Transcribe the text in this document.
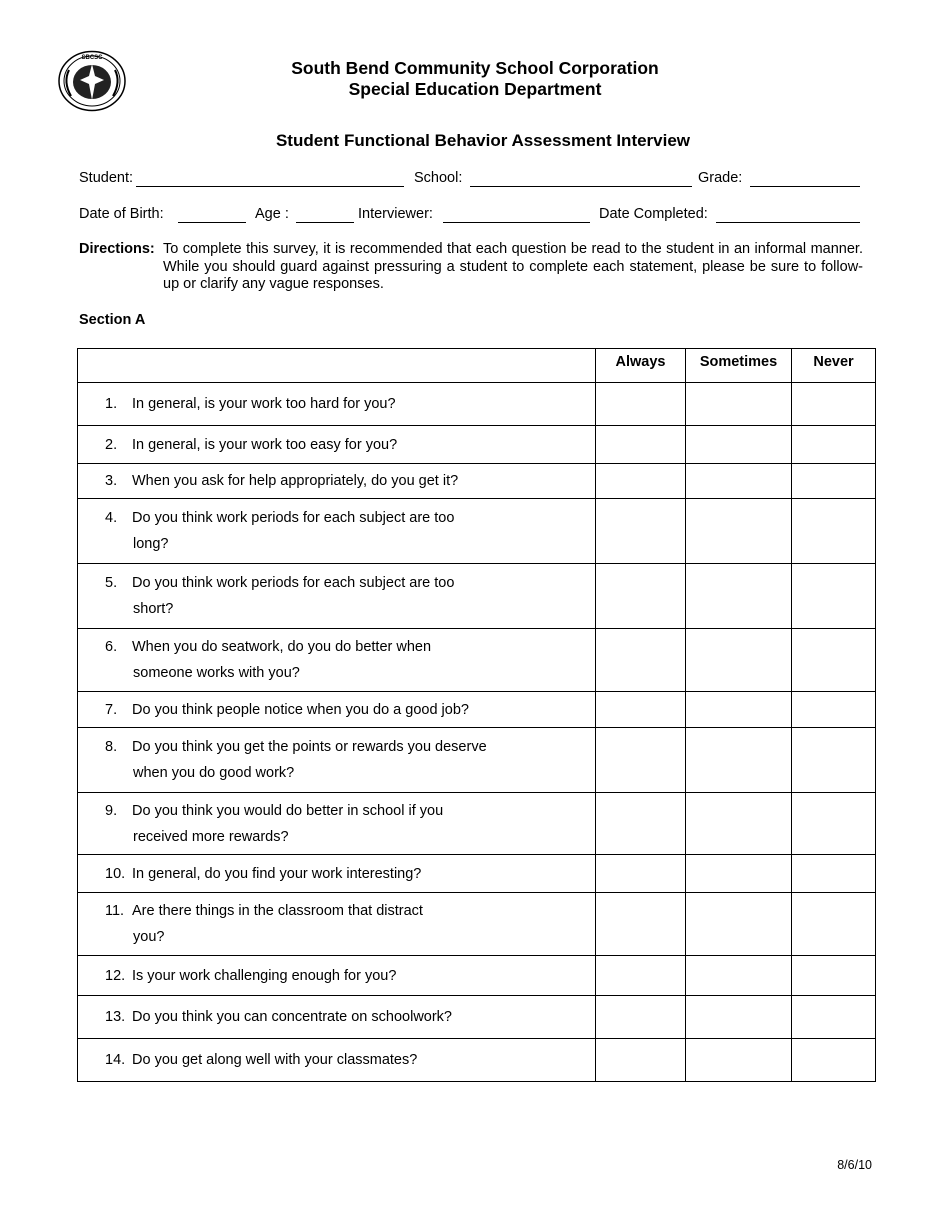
SBCSC	South Bend Community School Corporation
Special Education Department
Student Functional Behavior Assessment Interview
Student:	School:	Grade:
Date of Birth:	Age :	Interviewer:	Date Completed:
Directions: To complete this survey, it is recommended that each question be read to the student in an informal manner. While you should guard against pressuring a student to complete each statement, please be sure to follow-up or clarify any vague responses.
Section A
	Always	Sometimes	Never
1. In general, is your work too hard for you?			
2. In general, is your work too easy for you?			
3. When you ask for help appropriately, do you get it?			
4. Do you think work periods for each subject are too
long?			

5. Do you think work periods for each subject are too
short?			

6. When you do seatwork, do you do better when
someone works with you?			

7. Do you think people notice when you do a good job?			
8. Do you think you get the points or rewards you deserve
when you do good work?			

9. Do you think you would do better in school if you
received more rewards?			

10. In general, do you find your work interesting?			
11. Are there things in the classroom that distract
you?			

12. Is your work challenging enough for you?			
13. Do you think you can concentrate on schoolwork?			
14. Do you get along well with your classmates?			
8/6/10
